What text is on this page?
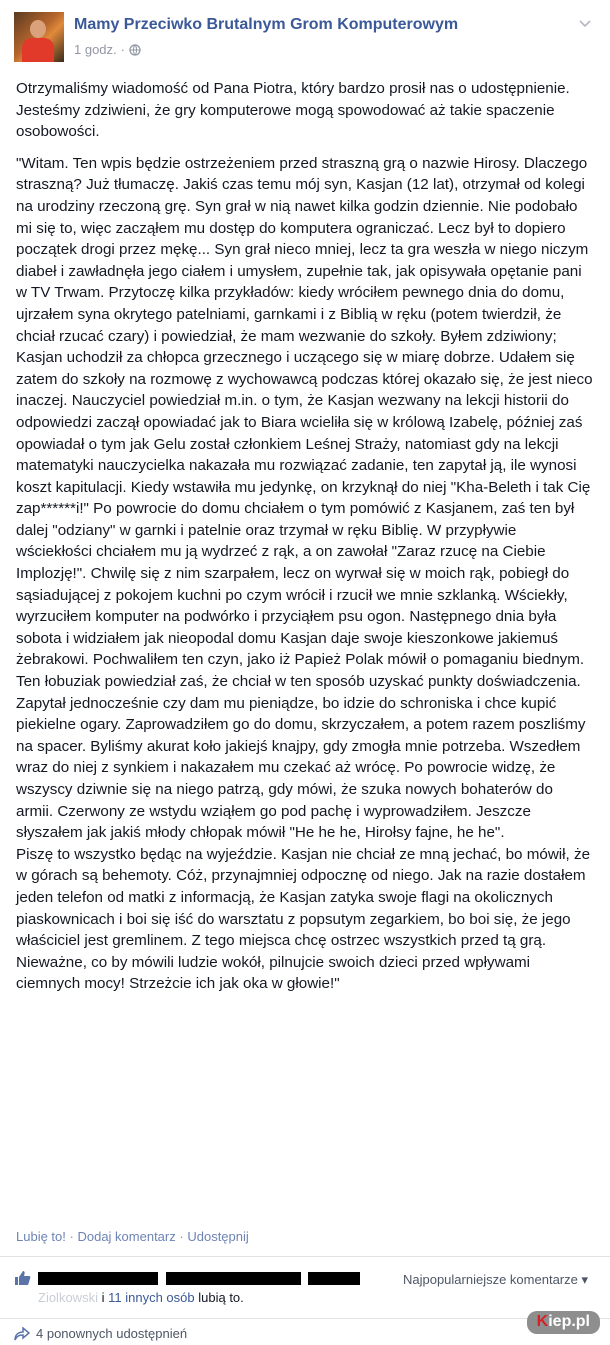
Mamy Przeciwko Brutalnym Grom Komputerowym
1 godz. ·

Otrzymaliśmy wiadomość od Pana Piotra, który bardzo prosił nas o udostępnienie. Jesteśmy zdziwieni, że gry komputerowe mogą spowodować aż takie spaczenie osobowości.

"Witam. Ten wpis będzie ostrzeżeniem przed straszną grą o nazwie Hirosy. Dlaczego straszną? Już tłumaczę. Jakiś czas temu mój syn, Kasjan (12 lat), otrzymał od kolegi na urodziny rzeczoną grę. Syn grał w nią nawet kilka godzin dziennie. Nie podobało mi się to, więc zacząłem mu dostęp do komputera ograniczać. Lecz był to dopiero początek drogi przez mękę... Syn grał nieco mniej, lecz ta gra weszła w niego niczym diabeł i zawładnęła jego ciałem i umysłem, zupełnie tak, jak opisywała opętanie pani w TV Trwam. Przytoczę kilka przykładów: kiedy wróciłem pewnego dnia do domu, ujrzałem syna okrytego patelniami, garnkami i z Biblią w ręku (potem twierdził, że chciał rzucać czary) i powiedział, że mam wezwanie do szkoły. Byłem zdziwiony; Kasjan uchodził za chłopca grzecznego i uczącego się w miarę dobrze. Udałem się zatem do szkoły na rozmowę z wychowawcą podczas której okazało się, że jest nieco inaczej. Nauczyciel powiedział m.in. o tym, że Kasjan wezwany na lekcji historii do odpowiedzi zaczął opowiadać jak to Biara wcieliła się w królową Izabelę, później zaś opowiadał o tym jak Gelu został członkiem Leśnej Straży, natomiast gdy na lekcji matematyki nauczycielka nakazała mu rozwiązać zadanie, ten zapytał ją, ile wynosi koszt kapitulacji. Kiedy wstawiła mu jedynkę, on krzyknął do niej "Kha-Beleth i tak Cię zap******i!" Po powrocie do domu chciałem o tym pomówić z Kasjanem, zaś ten był dalej "odziany" w garnki i patelnie oraz trzymał w ręku Biblię. W przypływie wściekłości chciałem mu ją wydrzeć z rąk, a on zawołał "Zaraz rzucę na Ciebie Implozję!". Chwilę się z nim szarpałem, lecz on wyrwał się w moich rąk, pobiegł do sąsiadującej z pokojem kuchni po czym wrócił i rzucił we mnie szklanką. Wściekły, wyrzuciłem komputer na podwórko i przyciąłem psu ogon. Następnego dnia była sobota i widziałem jak nieopodal domu Kasjan daje swoje kieszonkowe jakiemuś żebrakowi. Pochwaliłem ten czyn, jako iż Papież Polak mówił o pomaganiu biednym. Ten łobuziak powiedział zaś, że chciał w ten sposób uzyskać punkty doświadczenia. Zapytał jednocześnie czy dam mu pieniądze, bo idzie do schroniska i chce kupić piekielne ogary. Zaprowadziłem go do domu, skrzyczałem, a potem razem poszliśmy na spacer. Byliśmy akurat koło jakiejś knajpy, gdy zmogła mnie potrzeba. Wszedłem wraz do niej z synkiem i nakazałem mu czekać aż wrócę. Po powrocie widzę, że wszyscy dziwnie się na niego patrzą, gdy mówi, że szuka nowych bohaterów do armii. Czerwony ze wstydu wziąłem go pod pachę i wyprowadziłem. Jeszcze słyszałem jak jakiś młody chłopak mówił "He he he, Hirołsy fajne, he he".
Piszę to wszystko będąc na wyjeździe. Kasjan nie chciał ze mną jechać, bo mówił, że w górach są behemoty. Cóż, przynajmniej odpocznę od niego. Jak na razie dostałem jeden telefon od matki z informacją, że Kasjan zatyka swoje flagi na okolicznych piaskownicach i boi się iść do warsztatu z popsutym zegarkiem, bo boi się, że jego właściciel jest gremlinem. Z tego miejsca chcę ostrzec wszystkich przed tą grą. Nieważne, co by mówili ludzie wokół, pilnujcie swoich dzieci przed wpływami ciemnych mocy! Strzeżcie ich jak oka w głowie!"

Lubię to! · Dodaj komentarz · Udostępnij

Ziolkowski i 11 innych osób lubią to.
Najpopularniejsze komentarze ▾
4 ponownych udostępnień
Kiep.pl
